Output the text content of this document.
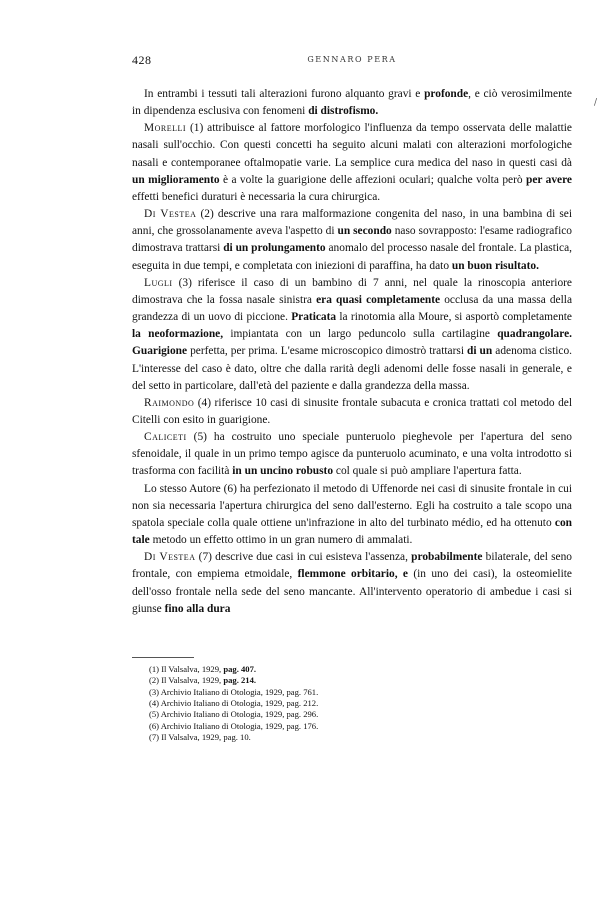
428	GENNARO PERA
/

In entrambi i tessuti tali alterazioni furono alquanto gravi e profonde, e ciò verosimilmente in dipendenza esclusiva con fenomeni di distrofismo.

Morelli (1) attribuisce al fattore morfologico l'influenza da tempo osservata delle malattie nasali sull'occhio. Con questi concetti ha seguito alcuni malati con alterazioni morfologiche nasali e contemporanee oftalmopatie varie. La semplice cura medica del naso in questi casi dà un miglioramento è a volte la guarigione delle affezioni oculari; qualche volta però per avere effetti benefici duraturi è necessaria la cura chirurgica.

Di Vestea (2) descrive una rara malformazione congenita del naso, in una bambina di sei anni, che grossolanamente aveva l'aspetto di un secondo naso sovrapposto: l'esame radiografico dimostrava trattarsi di un prolungamento anomalo del processo nasale del frontale. La plastica, eseguita in due tempi, e completata con iniezioni di paraffina, ha dato un buon risultato.

Lugli (3) riferisce il caso di un bambino di 7 anni, nel quale la rinoscopia anteriore dimostrava che la fossa nasale sinistra era quasi completamente occlusa da una massa della grandezza di un uovo di piccione. Praticata la rinotomia alla Moure, si asportò completamente la neoformazione, impiantata con un largo peduncolo sulla cartilagine quadrangolare. Guarigione perfetta, per prima. L'esame microscopico dimostrò trattarsi di un adenoma cistico. L'interesse del caso è dato, oltre che dalla rarità degli adenomi delle fosse nasali in generale, e del setto in particolare, dall'età del paziente e dalla grandezza della massa.

Raimondo (4) riferisce 10 casi di sinusite frontale subacuta e cronica trattati col metodo del Citelli con esito in guarigione.

Caliceti (5) ha costruito uno speciale punteruolo pieghevole per l'apertura del seno sfenoidale, il quale in un primo tempo agisce da punteruolo acuminato, e una volta introdotto si trasforma con facilità in un uncino robusto col quale si può ampliare l'apertura fatta.

Lo stesso Autore (6) ha perfezionato il metodo di Uffenorde nei casi di sinusite frontale in cui non sia necessaria l'apertura chirurgica del seno dall'esterno. Egli ha costruito a tale scopo una spatola speciale colla quale ottiene un'infrazione in alto del turbinato médio, ed ha ottenuto con tale metodo un effetto ottimo in un gran numero di ammalati.

Di Vestea (7) descrive due casi in cui esisteva l'assenza, probabilmente bilaterale, del seno frontale, con empiema etmoidale, flemmone orbitario, e (in uno dei casi), la osteomielite dell'osso frontale nella sede del seno mancante. All'intervento operatorio di ambedue i casi si giunse fino alla dura

(1) Il Valsalva, 1929, pag. 407.
(2) Il Valsalva, 1929, pag. 214.
(3) Archivio Italiano di Otologia, 1929, pag. 761.
(4) Archivio Italiano di Otologia, 1929, pag. 212.
(5) Archivio Italiano di Otologia, 1929, pag. 296.
(6) Archivio Italiano di Otologia, 1929, pag. 176.
(7) Il Valsalva, 1929, pag. 10.
